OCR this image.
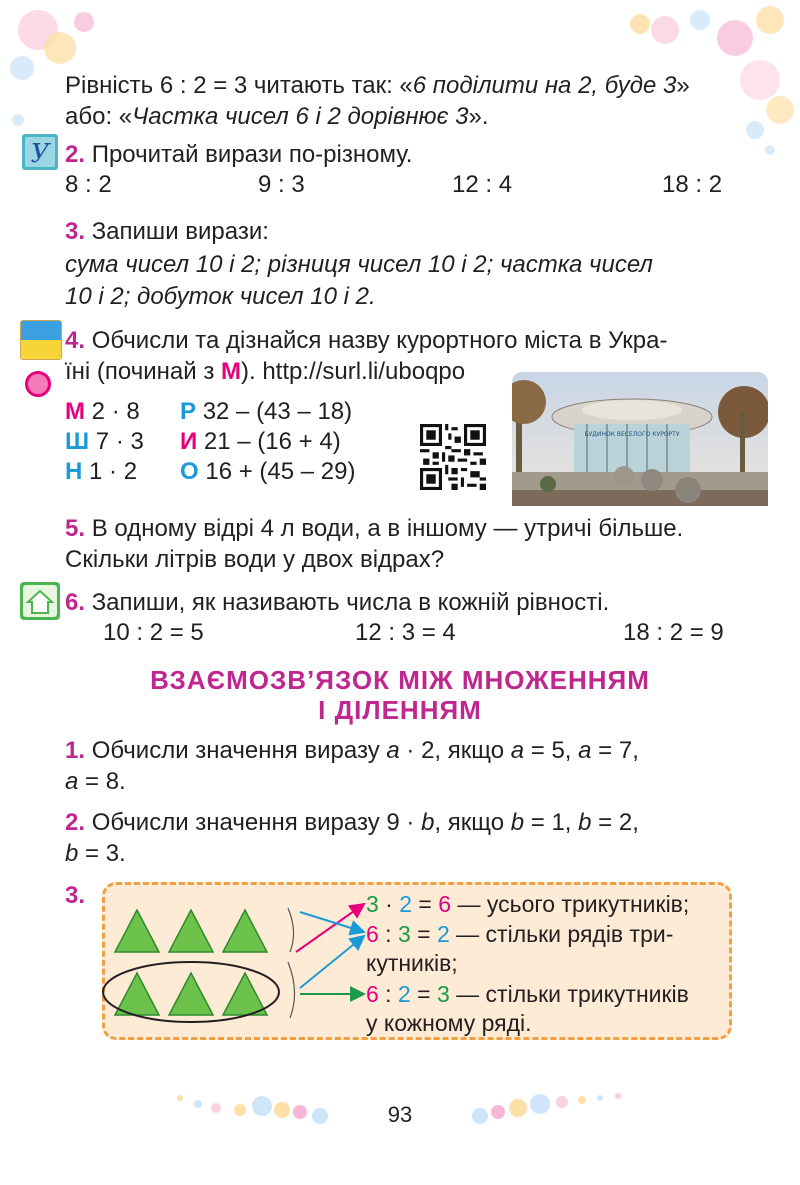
Рівність 6 : 2 = 3 читають так: «6 поділити на 2, буде 3»
або: «Частка чисел 6 і 2 дорівнює 3».
У 2. Прочитай вирази по-різному.
8 : 2	9 : 3	12 : 4	18 : 2
3. Запиши вирази:
сума чисел 10 і 2; різниця чисел 10 і 2; частка чисел
10 і 2; добуток чисел 10 і 2.
4. Обчисли та дізнайся назву курортного міста в Укра-
їні (починай з М). http://surl.li/uboqpo
М 2 · 8 Р 32 – (43 – 18)
Ш 7 · 3 И 21 – (16 + 4)
Н 1 · 2 О 16 + (45 – 29)
БУДИНОК ВЕСЕЛОГО КУРОРТУ
5. В одному відрі 4 л води, а в іншому — утричі більше.
Скільки літрів води у двох відрах?
6. Запиши, як називають числа в кожній рівності.
10 : 2 = 5	12 : 3 = 4	18 : 2 = 9
ВЗАЄМОЗВ’ЯЗОК МІЖ МНОЖЕННЯМ
І ДІЛЕННЯМ
1. Обчисли значення виразу а · 2, якщо а = 5, а = 7,
а = 8.
2. Обчисли значення виразу 9 · b, якщо b = 1, b = 2,
b = 3.
3.	3 · 2 = 6 — усього трикутників;
6 : 3 = 2 — стільки рядів три-
кутників;
6 : 2 = 3 — стільки трикутників
у кожному ряді.
93
